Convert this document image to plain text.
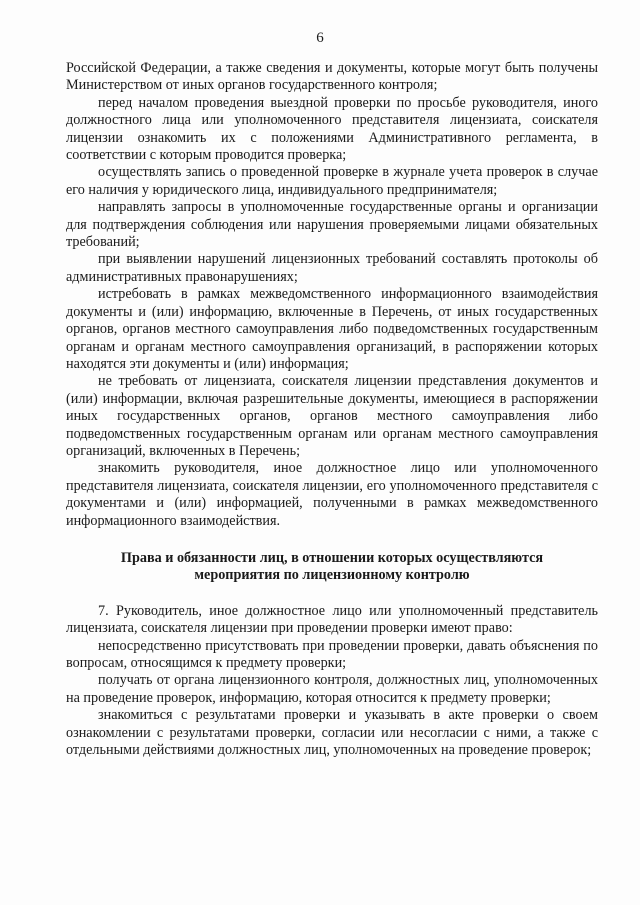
6

Российской Федерации, а также сведения и документы, которые могут быть получены Министерством от иных органов государственного контроля;

перед началом проведения выездной проверки по просьбе руководителя, иного должностного лица или уполномоченного представителя лицензиата, соискателя лицензии ознакомить их с положениями Административного регламента, в соответствии с которым проводится проверка;

осуществлять запись о проведенной проверке в журнале учета проверок в случае его наличия у юридического лица, индивидуального предпринимателя;

направлять запросы в уполномоченные государственные органы и организации для подтверждения соблюдения или нарушения проверяемыми лицами обязательных требований;

при выявлении нарушений лицензионных требований составлять протоколы об административных правонарушениях;

истребовать в рамках межведомственного информационного взаимодействия документы и (или) информацию, включенные в Перечень, от иных государственных органов, органов местного самоуправления либо подведомственных государственным органам и органам местного самоуправления организаций, в распоряжении которых находятся эти документы и (или) информация;

не требовать от лицензиата, соискателя лицензии представления документов и (или) информации, включая разрешительные документы, имеющиеся в распоряжении иных государственных органов, органов местного самоуправления либо подведомственных государственным органам или органам местного самоуправления организаций, включенных в Перечень;

знакомить руководителя, иное должностное лицо или уполномоченного представителя лицензиата, соискателя лицензии, его уполномоченного представителя с документами и (или) информацией, полученными в рамках межведомственного информационного взаимодействия.

Права и обязанности лиц, в отношении которых осуществляются
мероприятия по лицензионному контролю

7. Руководитель, иное должностное лицо или уполномоченный представитель лицензиата, соискателя лицензии при проведении проверки имеют право:

непосредственно присутствовать при проведении проверки, давать объяснения по вопросам, относящимся к предмету проверки;

получать от органа лицензионного контроля, должностных лиц, уполномоченных на проведение проверок, информацию, которая относится к предмету проверки;

знакомиться с результатами проверки и указывать в акте проверки о своем ознакомлении с результатами проверки, согласии или несогласии с ними, а также с отдельными действиями должностных лиц, уполномоченных на проведение проверок;
